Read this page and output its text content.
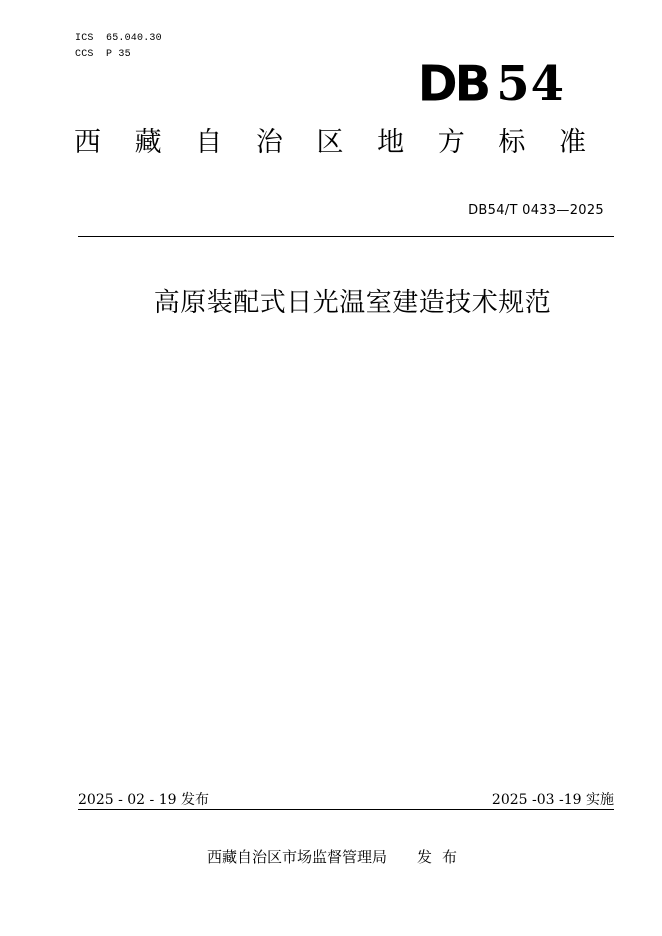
ICS  65.040.30
CCS  P 35
DB 54
西 藏 自 治 区 地 方 标 准
DB54/T 0433—2025
高原装配式日光温室建造技术规范
2025 - 02 - 19 发布	2025 -03 -19 实施
西藏自治区市场监督管理局 发布
